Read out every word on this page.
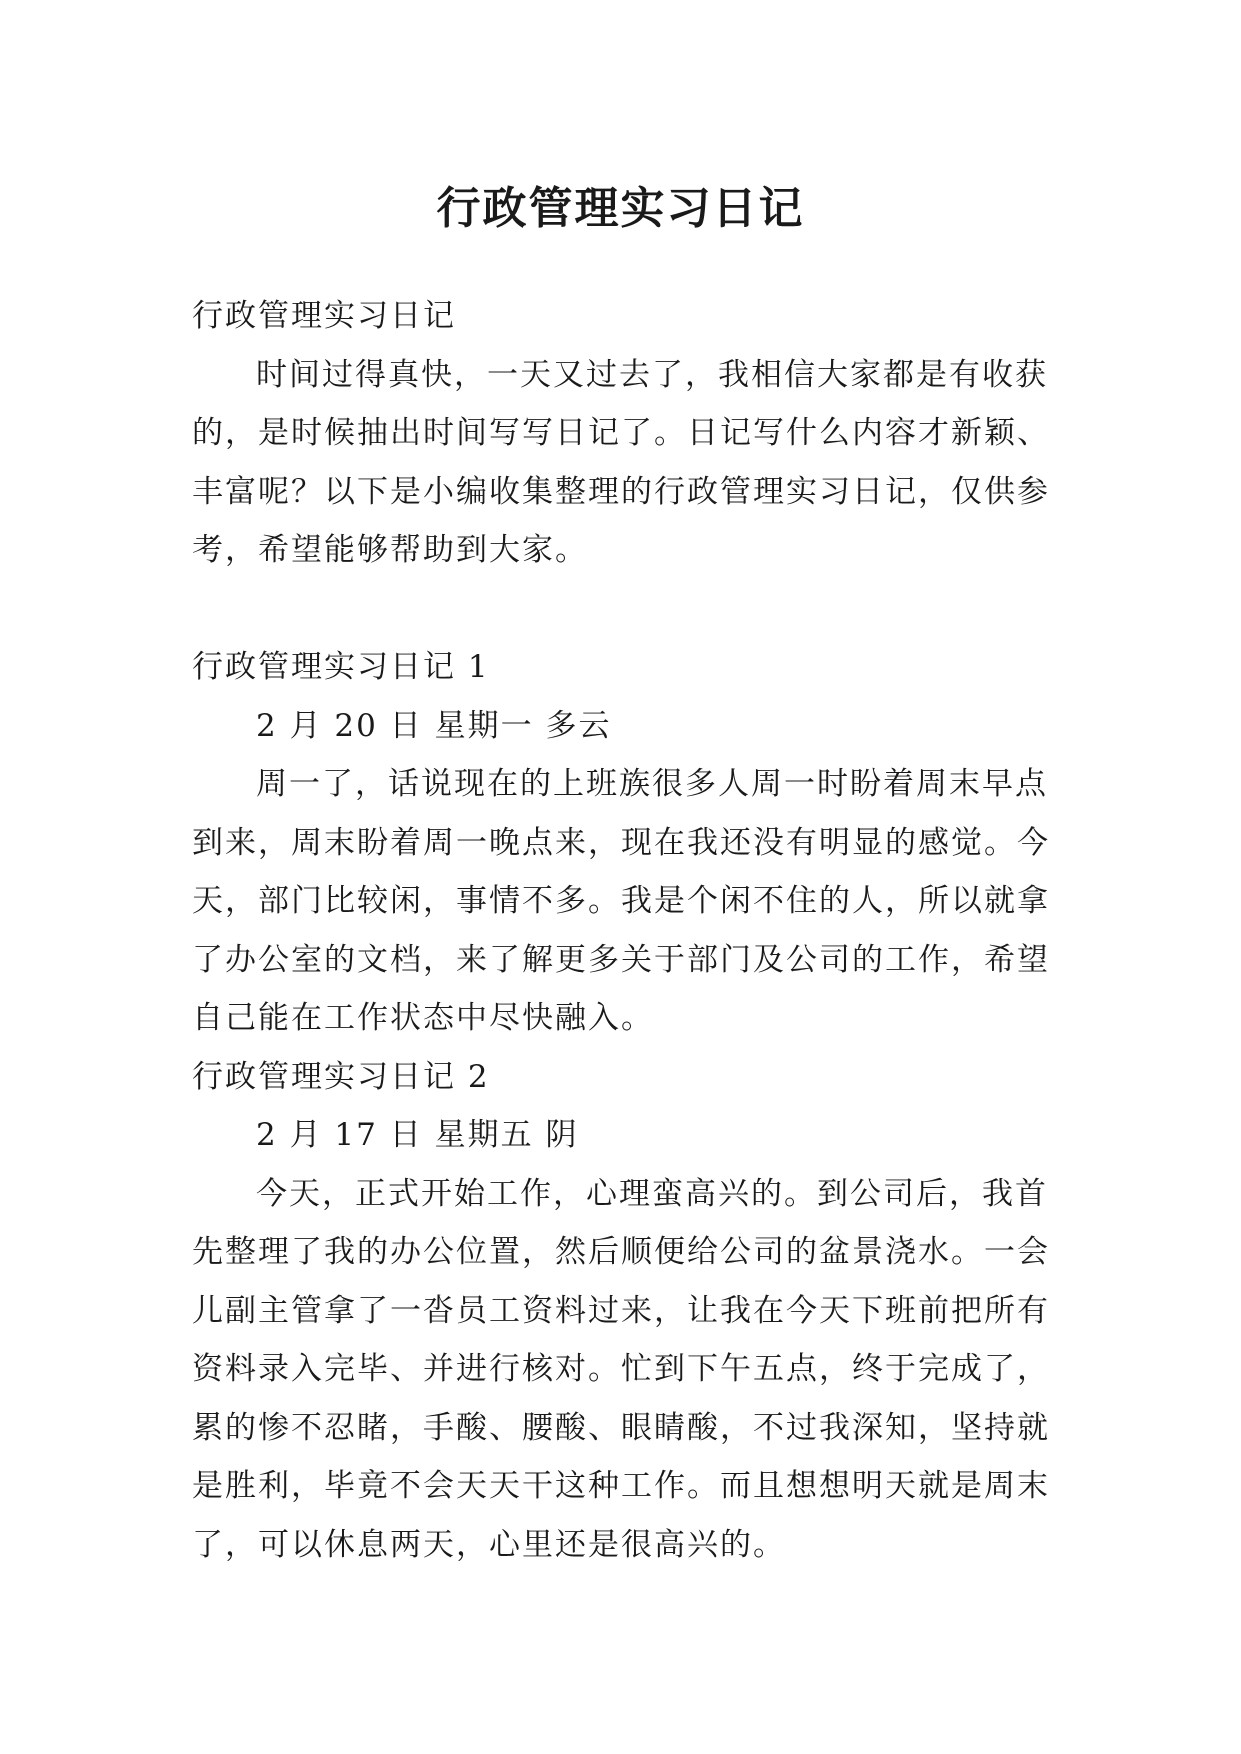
行政管理实习日记

行政管理实习日记

时间过得真快，一天又过去了，我相信大家都是有收获的，是时候抽出时间写写日记了。日记写什么内容才新颖、丰富呢？以下是小编收集整理的行政管理实习日记，仅供参考，希望能够帮助到大家。

行政管理实习日记 1

2 月 20 日 星期一 多云

周一了，话说现在的上班族很多人周一时盼着周末早点到来，周末盼着周一晚点来，现在我还没有明显的感觉。今天，部门比较闲，事情不多。我是个闲不住的人，所以就拿了办公室的文档，来了解更多关于部门及公司的工作，希望自己能在工作状态中尽快融入。

行政管理实习日记 2

2 月 17 日 星期五 阴

今天，正式开始工作，心理蛮高兴的。到公司后，我首先整理了我的办公位置，然后顺便给公司的盆景浇水。一会儿副主管拿了一沓员工资料过来，让我在今天下班前把所有资料录入完毕、并进行核对。忙到下午五点，终于完成了，累的惨不忍睹，手酸、腰酸、眼睛酸，不过我深知，坚持就是胜利，毕竟不会天天干这种工作。而且想想明天就是周末了，可以休息两天，心里还是很高兴的。
